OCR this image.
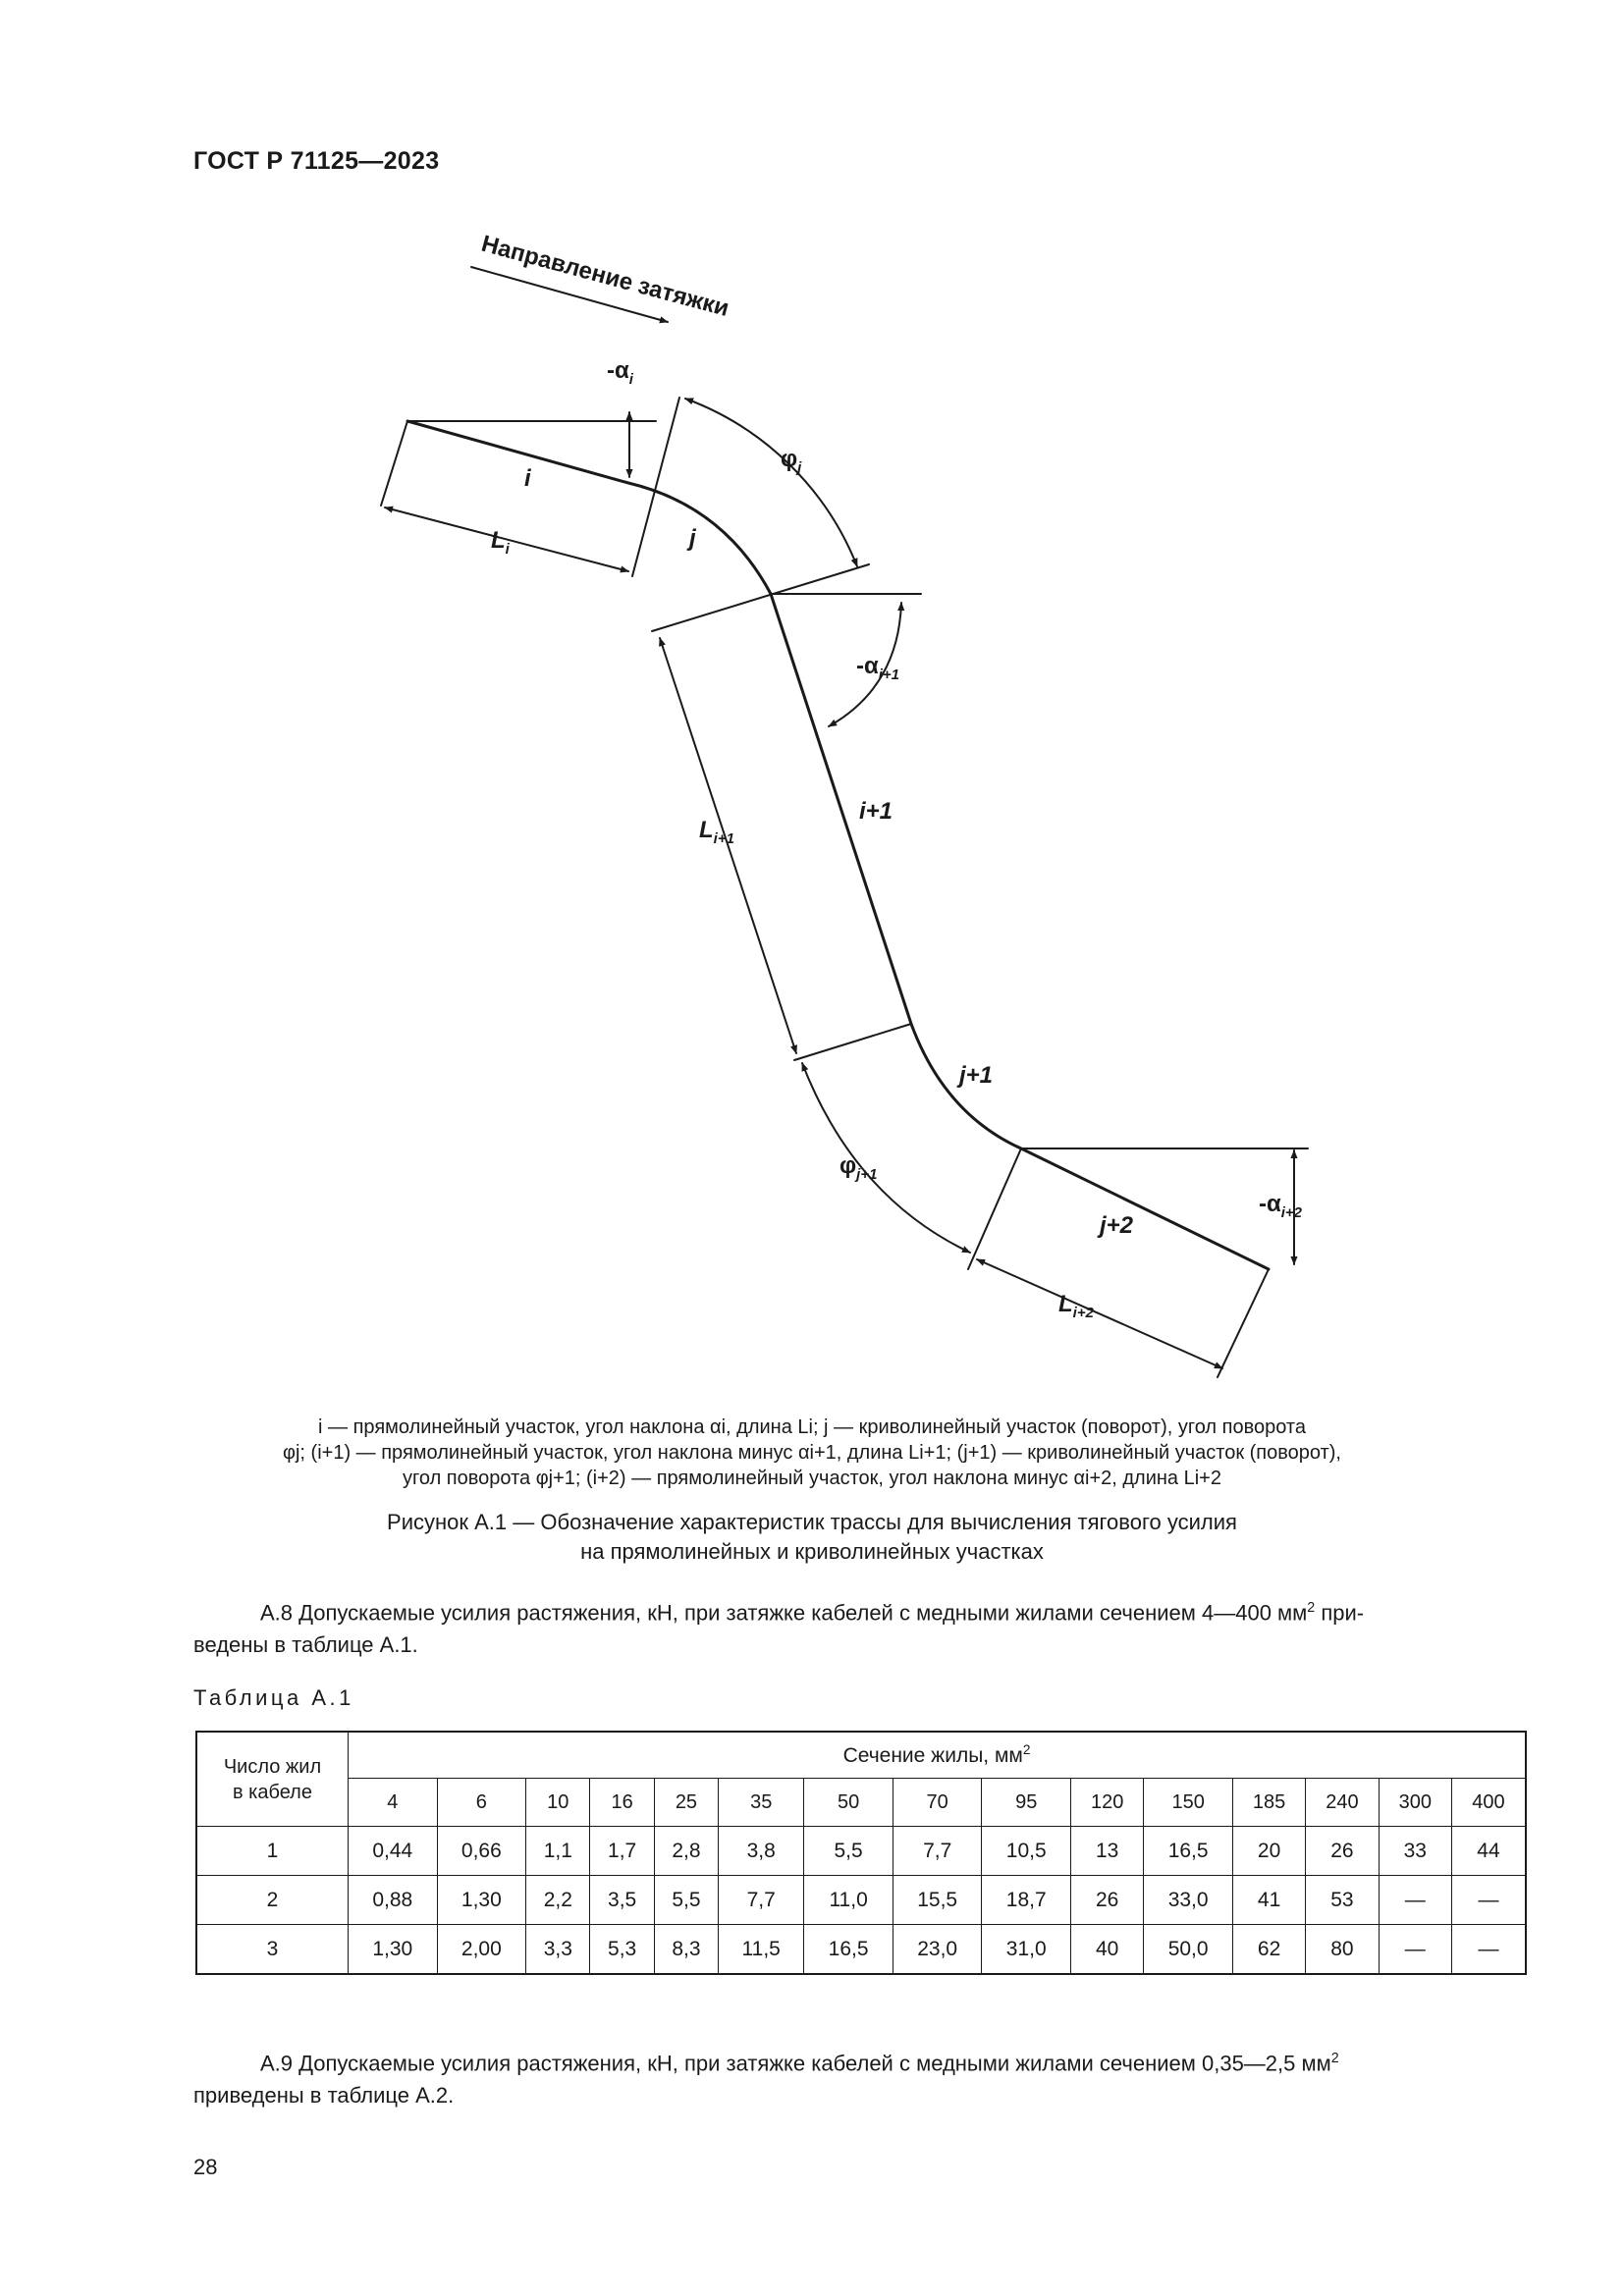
ГОСТ Р 71125—2023
Направление затяжки
$-\alpha_i$
i
$L_i$
$\varphi_j$
j
$-\alpha_{i+1}$
i+1
$L_{i+1}$
j+1
$\varphi_{j+1}$
$-\alpha_{i+2}$
j+2
$L_{i+2}$
i — прямолинейный участок, угол наклона αi, длина Li; j — криволинейный участок (поворот), угол поворота
φj; (i+1) — прямолинейный участок, угол наклона минус αi+1, длина Li+1; (j+1) — криволинейный участок (поворот),
угол поворота φj+1; (i+2) — прямолинейный участок, угол наклона минус αi+2, длина Li+2
Рисунок А.1 — Обозначение характеристик трассы для вычисления тягового усилия
на прямолинейных и криволинейных участках
А.8 Допускаемые усилия растяжения, кН, при затяжке кабелей с медными жилами сечением 4—400 $мм^2$ при-
ведены в таблице А.1.
Таблица А.1
Число жил
в кабеле	Сечение жилы, $мм^2$
	4	6	10	16	25	35	50	70	95	120	150	185	240	300	400
1	0,44	0,66	1,1	1,7	2,8	3,8	5,5	7,7	10,5	13	16,5	20	26	33	44
2	0,88	1,30	2,2	3,5	5,5	7,7	11,0	15,5	18,7	26	33,0	41	53	—	—
3	1,30	2,00	3,3	5,3	8,3	11,5	16,5	23,0	31,0	40	50,0	62	80	—	—
А.9 Допускаемые усилия растяжения, кН, при затяжке кабелей с медными жилами сечением 0,35—2,5 $мм^2$
приведены в таблице А.2.
28
